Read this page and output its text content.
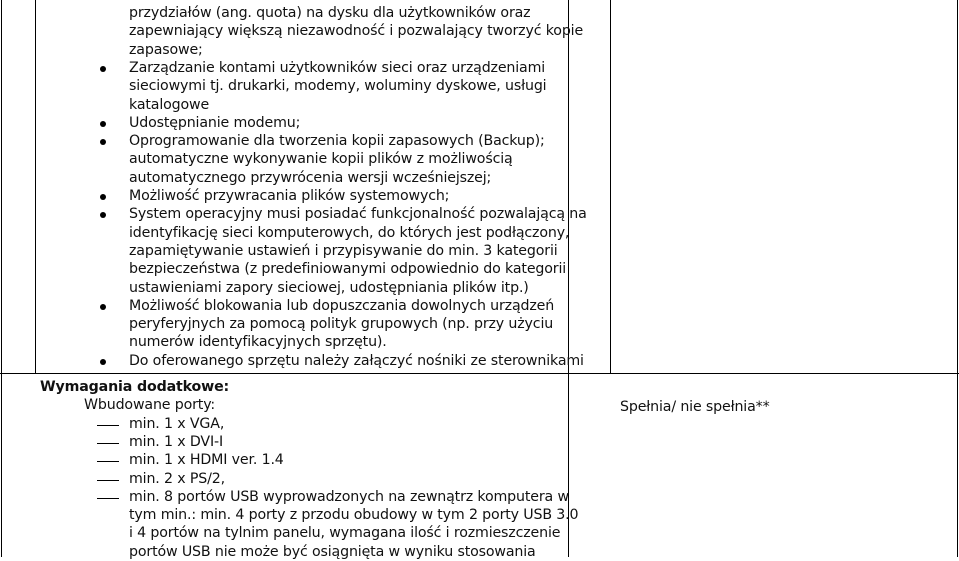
przydziałów (ang. quota) na dysku dla użytkowników oraz
zapewniający większą niezawodność i pozwalający tworzyć kopie
zapasowe;
Zarządzanie kontami użytkowników sieci oraz urządzeniami
sieciowymi tj. drukarki, modemy, woluminy dyskowe, usługi
katalogowe
Udostępnianie modemu;
Oprogramowanie dla tworzenia kopii zapasowych (Backup);
automatyczne wykonywanie kopii plików z możliwością
automatycznego przywrócenia wersji wcześniejszej;
Możliwość przywracania plików systemowych;
System operacyjny musi posiadać funkcjonalność pozwalającą na
identyfikację sieci komputerowych, do których jest podłączony,
zapamiętywanie ustawień i przypisywanie do min. 3 kategorii
bezpieczeństwa (z predefiniowanymi odpowiednio do kategorii
ustawieniami zapory sieciowej, udostępniania plików itp.)
Możliwość blokowania lub dopuszczania dowolnych urządzeń
peryferyjnych za pomocą polityk grupowych (np. przy użyciu
numerów identyfikacyjnych sprzętu).
Do oferowanego sprzętu należy załączyć nośniki ze sterownikami
Wymagania dodatkowe:
Wbudowane porty:
min. 1 x VGA,
min. 1 x DVI-I
min. 1 x HDMI ver. 1.4
min. 2 x PS/2,
min. 8 portów USB wyprowadzonych na zewnątrz komputera w
tym min.: min. 4 porty z przodu obudowy w tym 2 porty USB 3.0
i 4 portów na tylnim panelu, wymagana ilość i rozmieszczenie
portów USB nie może być osiągnięta w wyniku stosowania
Spełnia/ nie spełnia**
